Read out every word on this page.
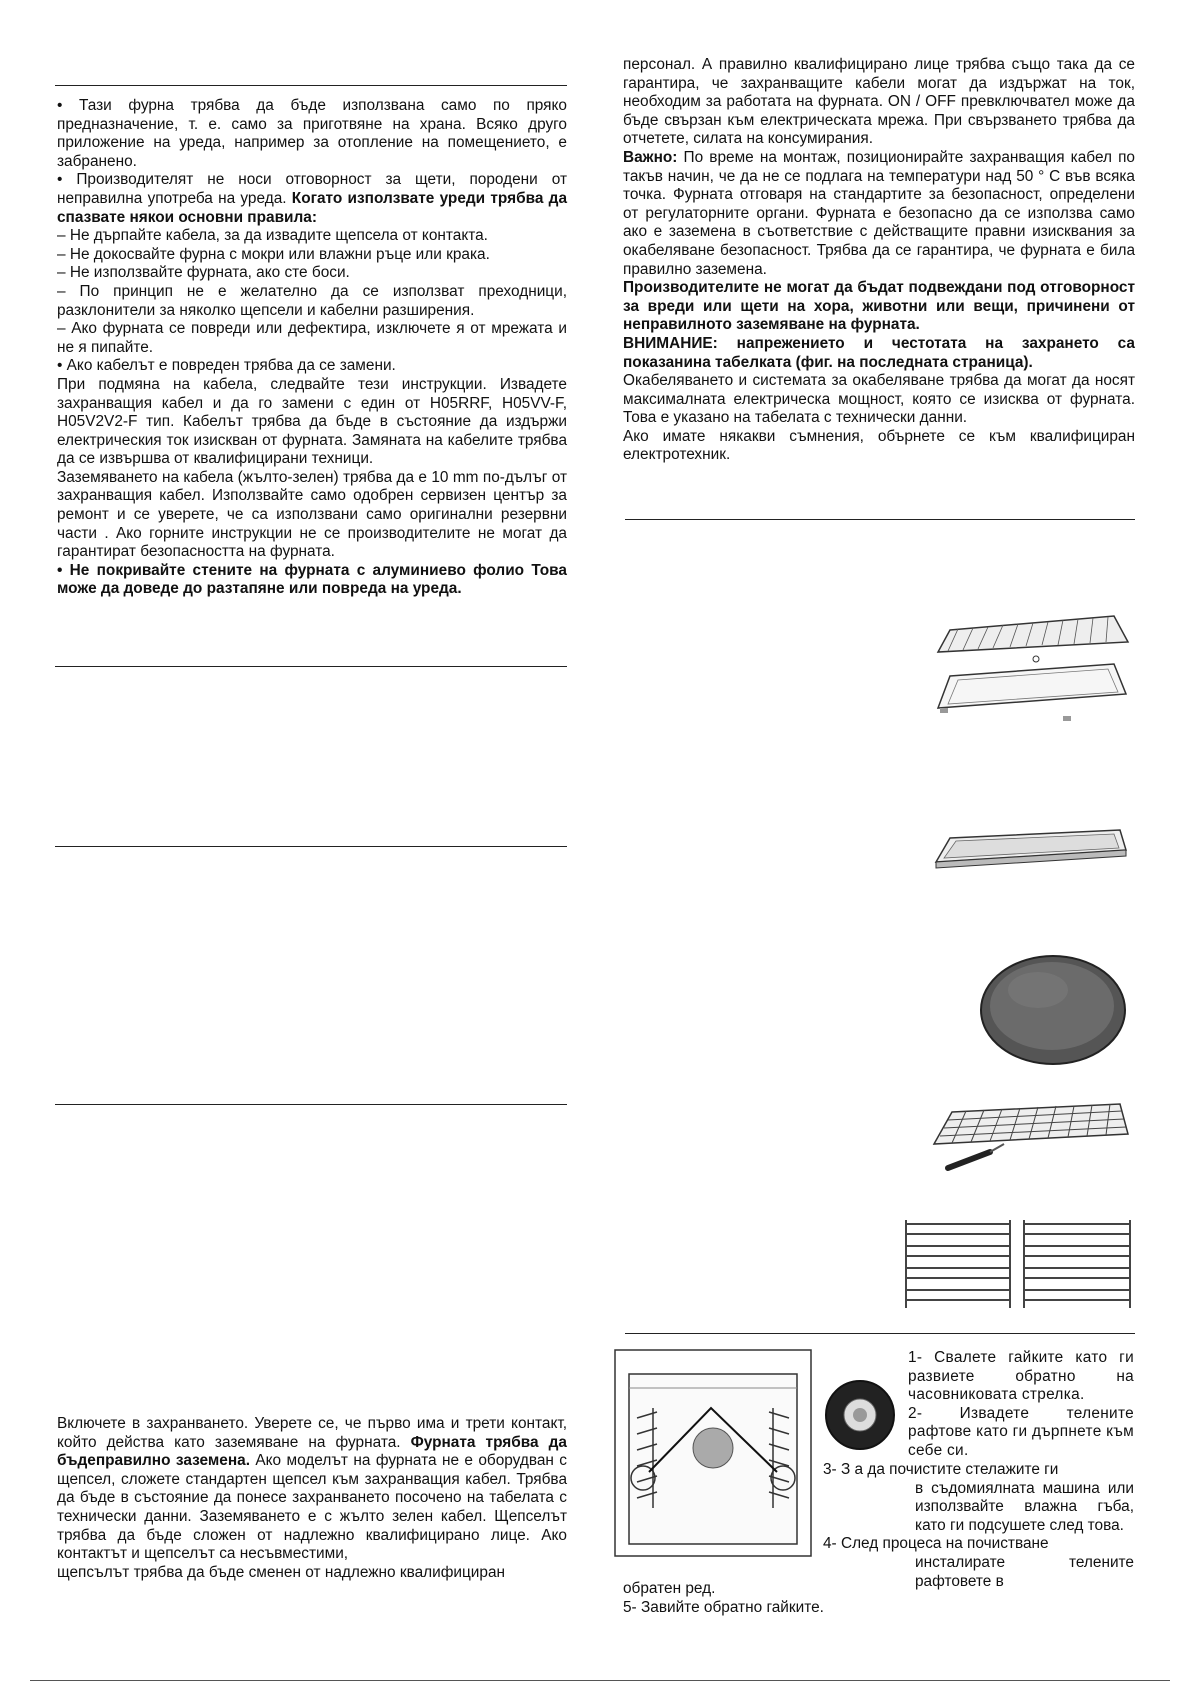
• Тази фурна трябва да бъде използвана само по пряко предназначение, т. е. само за приготвяне на храна. Всяко друго приложение на уреда, например за отопление на помещението, е забранено.

• Производителят не носи отговорност за щети, породени от неправилна употреба на уреда. Когато използвате уреди трябва да спазвате някои основни правила:

– Не дърпайте кабела, за да извадите щепсела от контакта.

– Не докосвайте фурна с мокри или влажни ръце или крака.

– Не използвайте фурната, ако сте боси.

– По принцип не е желателно да се използват преходници, разклонители за няколко щепсели и кабелни разширения.

– Ако фурната се повреди или дефектира, изключете я от мрежата и не я пипайте.

• Ако кабелът е повреден трябва да се замени.

При подмяна на кабела, следвайте тези инструкции. Извадете захранващия кабел и да го замени с един от H05RRF, H05VV-F, H05V2V2-F тип. Кабелът трябва да бъде в състояние да издържи електрическия ток изискван от фурната. Замяната на кабелите трябва да се извършва от квалифицирани техници.

Заземяването на кабела (жълто-зелен) трябва да е 10 mm по-дълъг от захранващия кабел. Използвайте само одобрен сервизен център за ремонт и се уверете, че са използвани само оригинални резервни части . Ако горните инструкции не се производителите не могат да гарантират безопасността на фурната.

• Не покривайте стените на фурната с алуминиево фолио Това може да доведе до разтапяне или повреда на уреда.

Включете в захранването. Уверете се, че първо има и трети контакт, който действа като заземяване на фурната. Фурната трябва да бъдеправилно заземена. Ако моделът на фурната не е оборудван с щепсел, сложете стандартен щепсел към захранващия кабел. Трябва да бъде в състояние да понесе захранването посочено на табелата с технически данни. Заземяването е с жълто зелен кабел. Щепселът трябва да бъде сложен от надлежно квалифицирано лице. Ако контактът и щепселът са несъвместими,

щепсълът трябва да бъде сменен от надлежно квалифициран

персонал. А правилно квалифицирано лице трябва също така да се гарантира, че захранващите кабели могат да издържат на ток, необходим за работата на фурната. ON / OFF превключвател може да бъде свързан към електрическата мрежа. При свързването трябва да отчетете, силата на консумирания.

Важно: По време на монтаж, позиционирайте захранващия кабел по такъв начин, че да не се подлага на температури над 50 ° С във всяка точка. Фурната отговаря на стандартите за безопасност, определени от регулаторните органи. Фурната е безопасно да се използва само ако е заземена в съответствие с действащите правни изисквания за окабеляване безопасност. Трябва да се гарантира, че фурната е била правилно заземена.

Производителите не могат да бъдат подвеждани под отговорност за вреди или щети на хора, животни или вещи, причинени от неправилното заземяване на фурната.

ВНИМАНИЕ: напрежението и честотата на захрането са показанина табелката (фиг. на последната страница).

Окабеляването и системата за окабеляване трябва да могат да носят максималната електрическа мощност, която се изисква от фурната. Това е указано на табелата с технически данни.

Ако имате някакви съмнения, обърнете се към квалифициран електротехник.

1- Свалете гайките като ги развиете обратно на часовниковата стрелка.

2- Извадете телените рафтове като ги дърпнете към себе си.

3- З а да почистите стелажите ги

в съдомиялната машина или използвайте влажна гъба, като ги подсушете след това.

4- След процеса на почистване

инсталирате телените рафтовете в

обратен ред.

5- Завийте обратно гайките.
